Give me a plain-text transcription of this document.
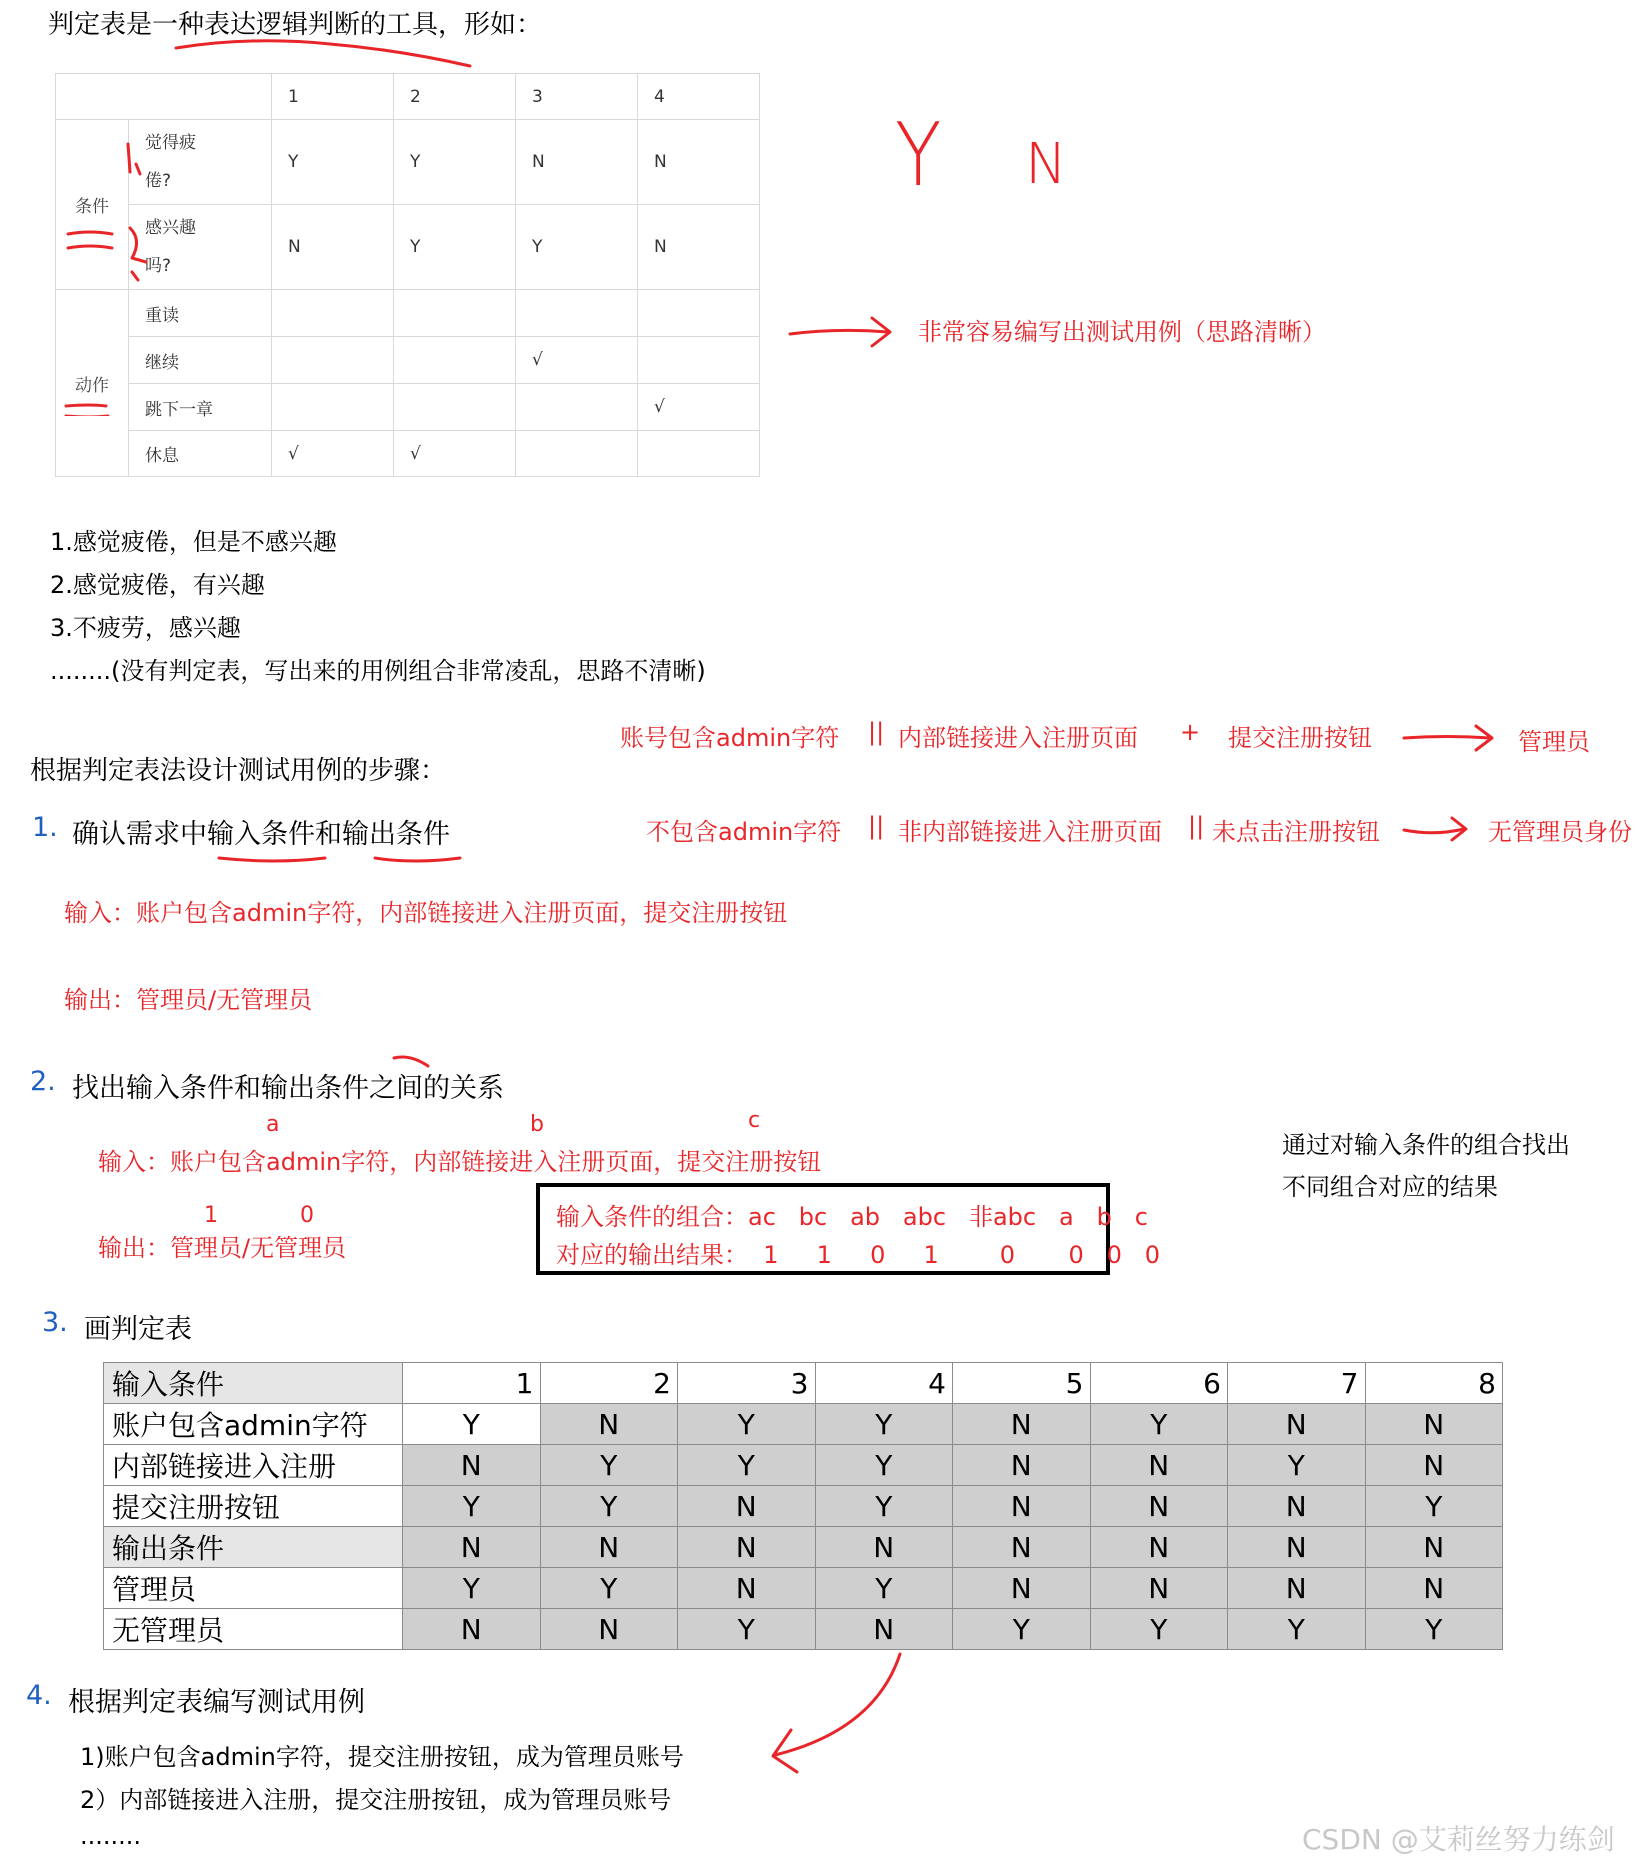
判定表是一种表达逻辑判断的工具，形如：
		1	2	3	4
条件	觉得疲
倦?	Y	Y	N	N
	感兴趣
吗?	N	Y	Y	N
动作	重读				
	继续			√	
	跳下一章				√
	休息	√	√		
Y N
非常容易编写出测试用例（思路清晰）
1.感觉疲倦，但是不感兴趣
2.感觉疲倦，有兴趣
3.不疲劳，感兴趣
........(没有判定表，写出来的用例组合非常凌乱，思路不清晰)
账号包含admin字符 || 内部链接进入注册页面 + 提交注册按钮	管理员
根据判定表法设计测试用例的步骤：
1. 确认需求中输入条件和输出条件	不包含admin字符 || 非内部链接进入注册页面 || 未点击注册按钮	无管理员身份
输入：账户包含admin字符，内部链接进入注册页面，提交注册按钮
输出：管理员/无管理员
2. 找出输入条件和输出条件之间的关系
a	b	c
输入：账户包含admin字符，内部链接进入注册页面，提交注册按钮
1	0
输出：管理员/无管理员
输入条件的组合：ac   bc   ab   abc   非abc   a   b   c
对应的输出结果：  1     1     0     1        0       0   0   0
通过对输入条件的组合找出
不同组合对应的结果
3. 画判定表
输入条件	1	2	3	4	5	6	7	8
账户包含admin字符	Y	N	Y	Y	N	Y	N	N
内部链接进入注册	N	Y	Y	Y	N	N	Y	N
提交注册按钮	Y	Y	N	Y	N	N	N	Y
输出条件	N	N	N	N	N	N	N	N
管理员	Y	Y	N	Y	N	N	N	N
无管理员	N	N	Y	N	Y	Y	Y	Y
4. 根据判定表编写测试用例
1)账户包含admin字符，提交注册按钮，成为管理员账号
2）内部链接进入注册，提交注册按钮，成为管理员账号
........	CSDN @艾莉丝努力练剑
